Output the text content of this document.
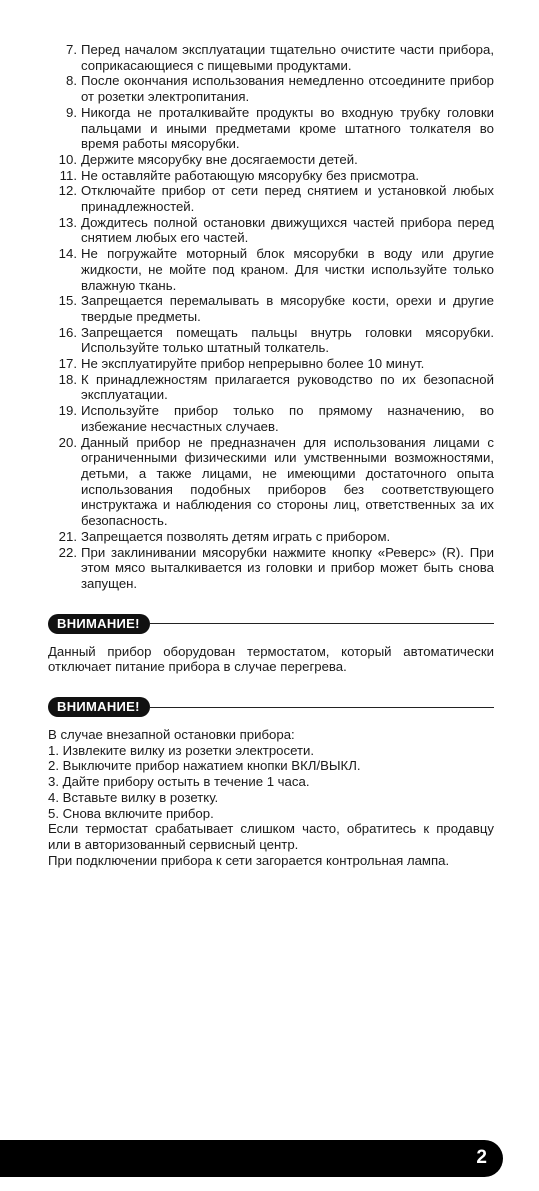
7. Перед началом эксплуатации тщательно очистите части прибора, соприкасающиеся с пищевыми продуктами.
8. После окончания использования немедленно отсоедините прибор от розетки электропитания.
9. Никогда не проталкивайте продукты во входную трубку головки пальцами и иными предметами кроме штатного толкателя во время работы мясорубки.
10. Держите мясорубку вне досягаемости детей.
11. Не оставляйте работающую мясорубку без присмотра.
12. Отключайте прибор от сети перед снятием и установкой любых принадлежностей.
13. Дождитесь полной остановки движущихся частей прибора перед снятием любых его частей.
14. Не погружайте моторный блок мясорубки в воду или другие жидкости, не мойте под краном. Для чистки используйте только влажную ткань.
15. Запрещается перемалывать в мясорубке кости, орехи и другие твердые предметы.
16. Запрещается помещать пальцы внутрь головки мясорубки. Используйте только штатный толкатель.
17. Не эксплуатируйте прибор непрерывно более 10 минут.
18. К принадлежностям прилагается руководство по их безопасной эксплуатации.
19. Используйте прибор только по прямому назначению, во избежание несчастных случаев.
20. Данный прибор не предназначен для использования лицами с ограниченными физическими или умственными возможностями, детьми, а также лицами, не имеющими достаточного опыта использования подобных приборов без соответствующего инструктажа и наблюдения со стороны лиц, ответственных за их безопасность.
21. Запрещается позволять детям играть с прибором.
22. При заклинивании мясорубки нажмите кнопку «Реверс» (R). При этом мясо выталкивается из головки и прибор может быть снова запущен.
ВНИМАНИЕ!
Данный прибор оборудован термостатом, который автоматически отключает питание прибора в случае перегрева.
ВНИМАНИЕ!
В случае внезапной остановки прибора:
1. Извлеките вилку из розетки электросети.
2. Выключите прибор нажатием кнопки ВКЛ/ВЫКЛ.
3. Дайте прибору остыть в течение 1 часа.
4. Вставьте вилку в розетку.
5. Снова включите прибор.
Если термостат срабатывает слишком часто, обратитесь к продавцу или в авторизованный сервисный центр.
При подключении прибора к сети загорается контрольная лампа.
2
